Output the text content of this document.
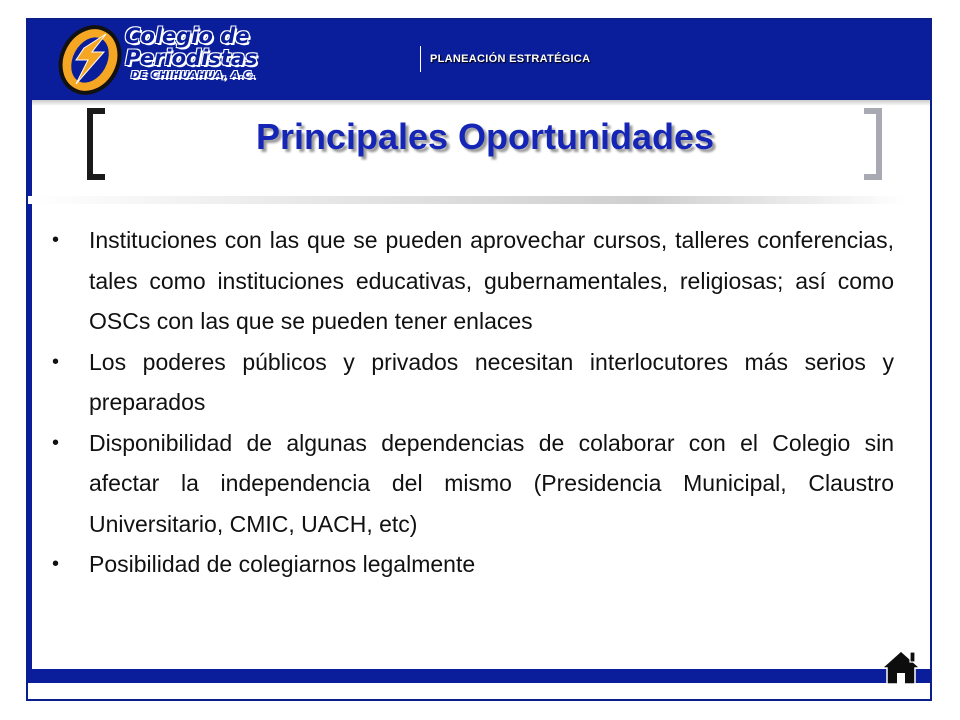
Colegio de
Periodistas
DE CHIHUAHUA, A.C.
PLANEACIÓN ESTRATÉGICA
Principales Oportunidades
• Instituciones con las que se pueden aprovechar cursos, talleres conferencias, tales como instituciones educativas, gubernamentales, religiosas; así como OSCs con las que se pueden tener enlaces
• Los poderes públicos y privados necesitan interlocutores más serios y preparados
• Disponibilidad de algunas dependencias de colaborar con el Colegio sin afectar la independencia del mismo (Presidencia Municipal, Claustro Universitario, CMIC, UACH, etc)
• Posibilidad de colegiarnos legalmente
